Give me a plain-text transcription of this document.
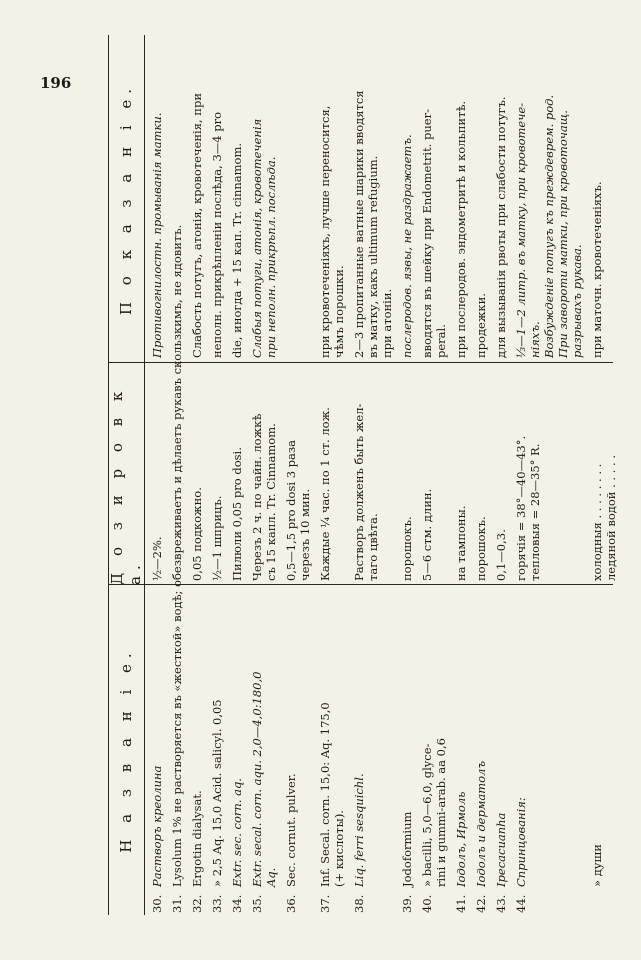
196
Н а з в а н і е.
Д о з и р о в к а.
П о к а з а н і е.
30.
Растворъ креолина
½—2%.
Противогнилостн. промыванія матки.
31.
Lysolum 1% не растворяется въ «жесткой» водѣ; обезвреживаетъ и дѣлаетъ рукавъ скользкимъ, не ядовитъ.
32.
Ergotin dialysat.
0,05 подкожно.
Слабость потугъ, атонія, кровотеченія, при
33.
» 2,5 Aq. 15,0 Acid. salicyl. 0,05
½—1 шприцъ.
неполн. прикрѣпленіи послѣда, 3—4 pro
34.
Extr. sec. corn. aq.
Пилюли 0,05 pro dosi.
die, иногда + 15 кап. Tr. cinnamom.
35.
Extr. secal. corn. aqu. 2,0—4,0:180,0 Aq.
Черезъ 2 ч. по чайн. ложкѣ съ 15 капл. Tr. Cinnamom.
Слабыя потуги, атонія, кровотеченія при неполн. прикрѣпл. послѣда.
36.
Sec. cornut. pulver.
0,5—1,5 pro dosi 3 раза черезъ 10 мин.
37.
Inf. Secal. corn. 15,0: Aq. 175,0 (+ кислоты).
Каждые ¼ час. по 1 ст. лож.
при кровотеченіяхъ, лучше переносится, чѣмъ порошки.
38.
Liq. ferri sesquichl.
Растворъ долженъ быть жел- таго цвѣта.
2—3 пропитанные ватные шарики вводятся въ матку, какъ ultimum refugium. при атоніи.
39.
Jodoformium
порошокъ.
послеродов. язвы, не раздражаетъ.
40.
» bacilli, 5,0—6,0, glyce- rini и gummi-arab. aa 0,6
5—6 стм. длин.
вводятся въ шейку при Endometrit. puer- peral.
41.
Iодолъ, Ирмоль
на тампоны.
при послеродов. эндометритѣ и кольпитѣ.
42.
Iодолъ и дерматолъ
порошокъ.
продежки.
43.
Ipecacuanha
0,1—0,3.
для вызыванія рвоты при слабости потугъ.
44.
Спринцованія:
горячія = 38°—40—43°. тепловыя = 28—35° R.
⅓—1—2 литр. въ матку, при кровотече- ніяхъ. Возбужденіе потугъ къ преждеврем. род. При завороти матки, при кровоточащ. разрывахъ рукава.
» души
холодныя . . . . . . . . ледяной водой . . . . .
при маточн. кровотеченіяхъ.
